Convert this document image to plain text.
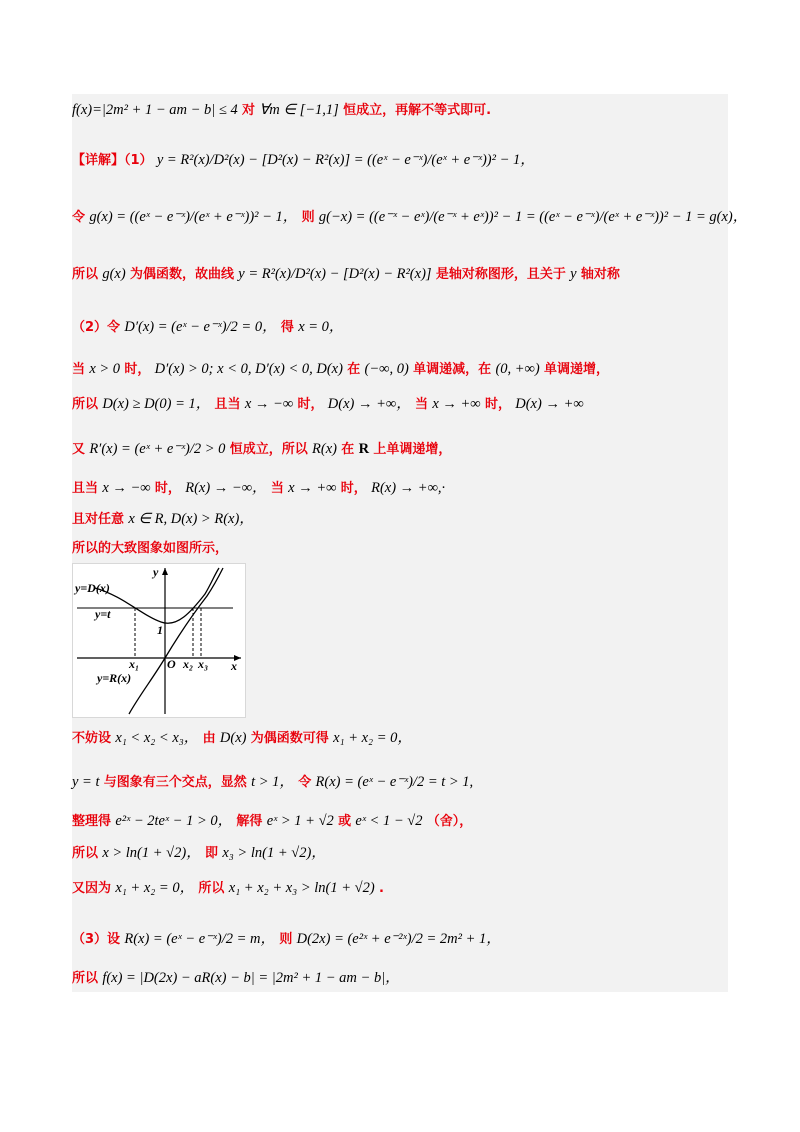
f(x)=|2m² + 1 − am − b| ≤ 4 对 ∀m ∈ [−1,1] 恒成立，再解不等式即可.
【详解】（1） y = R²(x)/D²(x) − [D²(x) − R²(x)] = ((eˣ − e⁻ˣ)/(eˣ + e⁻ˣ))² − 1，
令 g(x) = ((eˣ − e⁻ˣ)/(eˣ + e⁻ˣ))² − 1， 则 g(−x) = ((e⁻ˣ − eˣ)/(e⁻ˣ + eˣ))² − 1 = ((eˣ − e⁻ˣ)/(eˣ + e⁻ˣ))² − 1 = g(x)，
所以 g(x) 为偶函数，故曲线 y = R²(x)/D²(x) − [D²(x) − R²(x)] 是轴对称图形，且关于 y 轴对称
（2）令 D′(x) = (eˣ − e⁻ˣ)/2 = 0， 得 x = 0，
当 x > 0 时， D′(x) > 0; x < 0, D′(x) < 0, D(x) 在 (−∞, 0) 单调递减，在 (0, +∞) 单调递增，
所以 D(x) ≥ D(0) = 1， 且当 x → −∞ 时， D(x) → +∞， 当 x → +∞ 时， D(x) → +∞
又 R′(x) = (eˣ + e⁻ˣ)/2 > 0 恒成立，所以 R(x) 在 R 上单调递增，
且当 x → −∞ 时， R(x) → −∞， 当 x → +∞ 时， R(x) → +∞,·
且对任意 x ∈ R, D(x) > R(x)，
所以的大致图象如图所示，
y=D(x)
y=t
y=R(x)
y
x
O
1
x₁	x₂ x₃
不妨设 x₁ < x₂ < x₃， 由 D(x) 为偶函数可得 x₁ + x₂ = 0，
y = t 与图象有三个交点，显然 t > 1， 令 R(x) = (eˣ − e⁻ˣ)/2 = t > 1,
整理得 e²ˣ − 2teˣ − 1 > 0， 解得 eˣ > 1 + √2 或 eˣ < 1 − √2 （舍），
所以 x > ln(1 + √2)， 即 x₃ > ln(1 + √2)，
又因为 x₁ + x₂ = 0， 所以 x₁ + x₂ + x₃ > ln(1 + √2) .
（3）设 R(x) = (eˣ − e⁻ˣ)/2 = m， 则 D(2x) = (e²ˣ + e⁻²ˣ)/2 = 2m² + 1，
所以 f(x) = |D(2x) − aR(x) − b| = |2m² + 1 − am − b|，
